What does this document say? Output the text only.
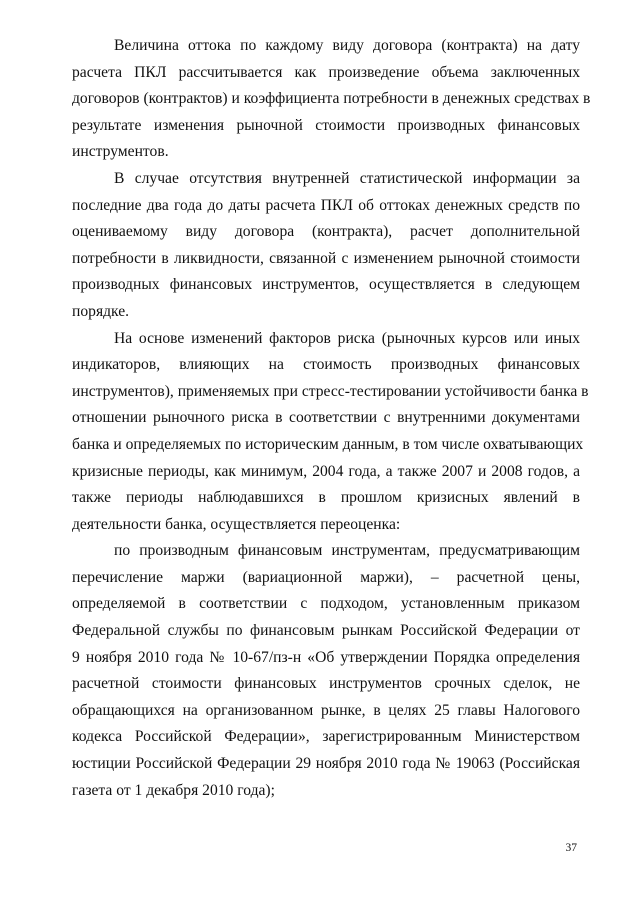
Величина оттока по каждому виду договора (контракта) на дату
расчета ПКЛ рассчитывается как произведение объема заключенных
договоров (контрактов) и коэффициента потребности в денежных средствах в
результате изменения рыночной стоимости производных финансовых
инструментов.
В случае отсутствия внутренней статистической информации за
последние два года до даты расчета ПКЛ об оттоках денежных средств по
оцениваемому виду договора (контракта), расчет дополнительной
потребности в ликвидности, связанной с изменением рыночной стоимости
производных финансовых инструментов, осуществляется в следующем
порядке.
На основе изменений факторов риска (рыночных курсов или иных
индикаторов, влияющих на стоимость производных финансовых
инструментов), применяемых при стресс-тестировании устойчивости банка в
отношении рыночного риска в соответствии с внутренними документами
банка и определяемых по историческим данным, в том числе охватывающих
кризисные периоды, как минимум, 2004 года, а также 2007 и 2008 годов, а
также периоды наблюдавшихся в прошлом кризисных явлений в
деятельности банка, осуществляется переоценка:
по производным финансовым инструментам, предусматривающим
перечисление маржи (вариационной маржи), – расчетной цены,
определяемой в соответствии с подходом, установленным приказом
Федеральной службы по финансовым рынкам Российской Федерации от
9 ноября 2010 года № 10-67/пз-н «Об утверждении Порядка определения
расчетной стоимости финансовых инструментов срочных сделок, не
обращающихся на организованном рынке, в целях 25 главы Налогового
кодекса Российской Федерации», зарегистрированным Министерством
юстиции Российской Федерации 29 ноября 2010 года № 19063 (Российская
газета от 1 декабря 2010 года);
37
